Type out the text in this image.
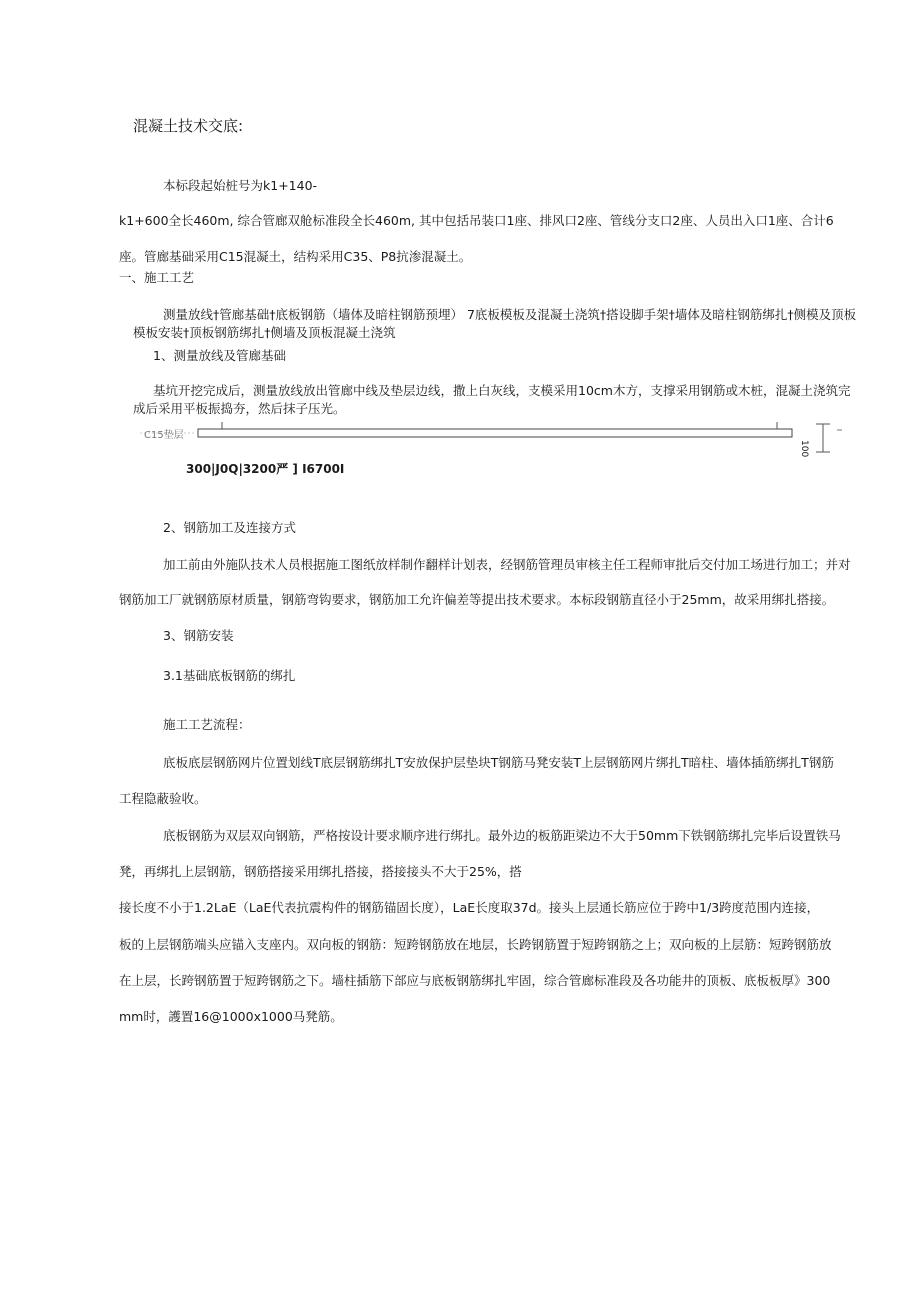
混凝土技术交底:
本标段起始桩号为k1+140-
k1+600全长460m, 综合管廊双舱标准段全长460m, 其中包括吊装口1座、排风口2座、管线分支口2座、人员出入口1座、合计6
座。管廊基础采用C15混凝土，结构采用C35、P8抗渗混凝土。
一、施工工艺
测量放线†管廊基础†底板钢筋（墙体及暗柱钢筋预埋） 7底板模板及混凝土浇筑†搭设脚手架†墙体及暗柱钢筋绑扎†侧模及顶板
模板安装†顶板钢筋绑扎†侧墙及顶板混凝土浇筑
1、测量放线及管廊基础
基坑开挖完成后，测量放线放出管廊中线及垫层边线，撒上白灰线，支模采用10cm木方，支撑采用钢筋或木桩，混凝土浇筑完
成后采用平板振捣夯，然后抹子压光。
C15垫层
100
300|J0Q|3200严 ] I6700I
2、钢筋加工及连接方式
加工前由外施队技术人员根据施工图纸放样制作翻样计划表，经钢筋管理员审核主任工程师审批后交付加工场进行加工；并对
钢筋加工厂就钢筋原材质量，钢筋弯钩要求，钢筋加工允许偏差等提出技术要求。本标段钢筋直径小于25mm，故采用绑扎搭接。
3、钢筋安装
3.1基础底板钢筋的绑扎
施工工艺流程：
底板底层钢筋网片位置划线T底层钢筋绑扎T安放保护层垫块T钢筋马凳安装T上层钢筋网片绑扎T暗柱、墙体插筋绑扎T钢筋
工程隐蔽验收。
底板钢筋为双层双向钢筋，严格按设计要求顺序进行绑扎。最外边的板筋距梁边不大于50mm下铁钢筋绑扎完毕后设置铁马
凳，再绑扎上层钢筋，钢筋搭接采用绑扎搭接，搭接接头不大于25%，搭
接长度不小于1.2LaE（LaE代表抗震构件的钢筋锚固长度），LaE长度取37d。接头上层通长筋应位于跨中1/3跨度范围内连接，
板的上层钢筋端头应锚入支座内。双向板的钢筋：短跨钢筋放在地层，长跨钢筋置于短跨钢筋之上；双向板的上层筋：短跨钢筋放
在上层，长跨钢筋置于短跨钢筋之下。墙柱插筋下部应与底板钢筋绑扎牢固，综合管廊标准段及各功能井的顶板、底板板厚》300
mm时，護置16@1000x1000马凳筋。
